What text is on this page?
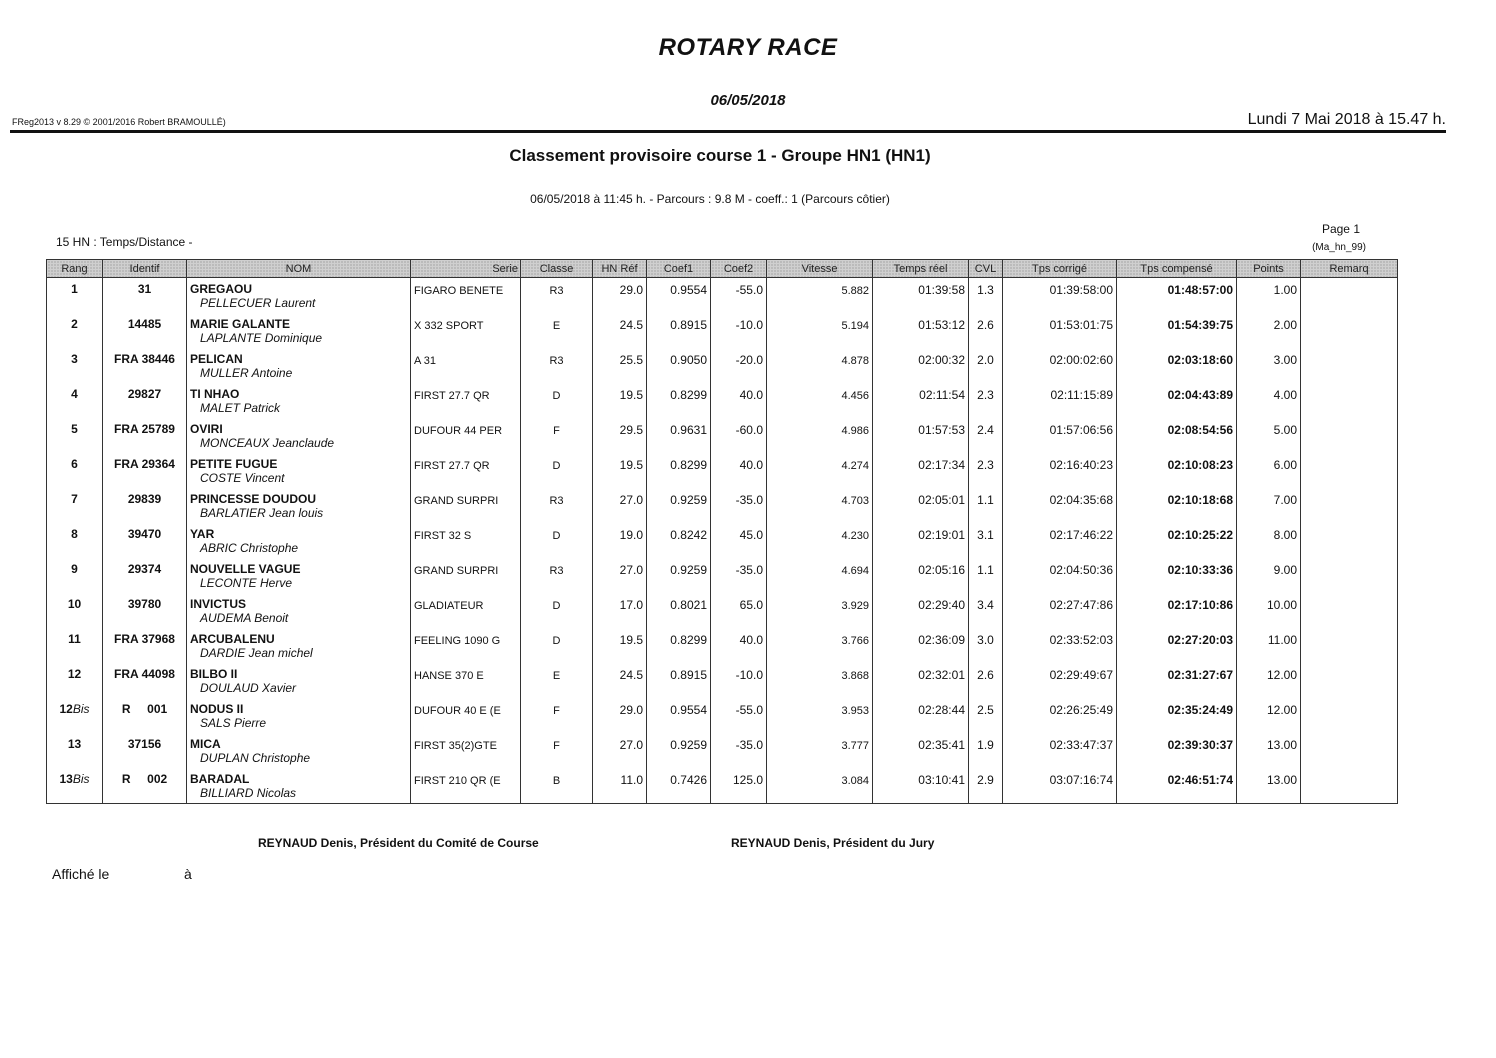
ROTARY RACE
06/05/2018
FReg2013 v 8.29 © 2001/2016 Robert BRAMOULLÉ)	Lundi 7 Mai 2018 à 15.47 h.
Classement provisoire course 1 - Groupe HN1 (HN1)
06/05/2018 à 11:45 h. - Parcours : 9.8 M - coeff.: 1 (Parcours côtier)
15 HN : Temps/Distance -
Page 1
(Ma_hn_99)
Rang	Identif	NOM	Serie	Classe	HN Réf	Coef1	Coef2	Vitesse	Temps réel	CVL	Tps corrigé	Tps compensé	Points	Remarq

1	31	GREGAOU
PELLECUER Laurent	FIGARO BENETE	R3	29.0	0.9554	-55.0	5.882	01:39:58	1.3	01:39:58:00	01:48:57:00	1.00	

2	14485	MARIE GALANTE
LAPLANTE Dominique	X 332 SPORT	E	24.5	0.8915	-10.0	5.194	01:53:12	2.6	01:53:01:75	01:54:39:75	2.00	

3	FRA 38446	PELICAN
MULLER Antoine	A 31	R3	25.5	0.9050	-20.0	4.878	02:00:32	2.0	02:00:02:60	02:03:18:60	3.00	

4	29827	TI NHAO
MALET Patrick	FIRST 27.7 QR	D	19.5	0.8299	40.0	4.456	02:11:54	2.3	02:11:15:89	02:04:43:89	4.00	

5	FRA 25789	OVIRI
MONCEAUX Jeanclaude	DUFOUR 44 PER	F	29.5	0.9631	-60.0	4.986	01:57:53	2.4	01:57:06:56	02:08:54:56	5.00	

6	FRA 29364	PETITE FUGUE
COSTE Vincent	FIRST 27.7 QR	D	19.5	0.8299	40.0	4.274	02:17:34	2.3	02:16:40:23	02:10:08:23	6.00	

7	29839	PRINCESSE DOUDOU
BARLATIER Jean louis	GRAND SURPRI	R3	27.0	0.9259	-35.0	4.703	02:05:01	1.1	02:04:35:68	02:10:18:68	7.00	

8	39470	YAR
ABRIC Christophe	FIRST 32 S	D	19.0	0.8242	45.0	4.230	02:19:01	3.1	02:17:46:22	02:10:25:22	8.00	

9	29374	NOUVELLE VAGUE
LECONTE Herve	GRAND SURPRI	R3	27.0	0.9259	-35.0	4.694	02:05:16	1.1	02:04:50:36	02:10:33:36	9.00	

10	39780	INVICTUS
AUDEMA Benoit	GLADIATEUR	D	17.0	0.8021	65.0	3.929	02:29:40	3.4	02:27:47:86	02:17:10:86	10.00	

11	FRA 37968	ARCUBALENU
DARDIE Jean michel	FEELING 1090 G	D	19.5	0.8299	40.0	3.766	02:36:09	3.0	02:33:52:03	02:27:20:03	11.00	

12	FRA 44098	BILBO II
DOULAUD Xavier	HANSE 370 E	E	24.5	0.8915	-10.0	3.868	02:32:01	2.6	02:29:49:67	02:31:27:67	12.00	

12Bis	R     001	NODUS II
SALS Pierre	DUFOUR 40 E (E	F	29.0	0.9554	-55.0	3.953	02:28:44	2.5	02:26:25:49	02:35:24:49	12.00	

13	37156	MICA
DUPLAN Christophe	FIRST 35(2)GTE	F	27.0	0.9259	-35.0	3.777	02:35:41	1.9	02:33:47:37	02:39:30:37	13.00	

13Bis	R     002	BARADAL
BILLIARD Nicolas	FIRST 210 QR (E	B	11.0	0.7426	125.0	3.084	03:10:41	2.9	03:07:16:74	02:46:51:74	13.00	

REYNAUD Denis, Président du Comité de Course	REYNAUD Denis, Président du Jury
Affiché le	à
